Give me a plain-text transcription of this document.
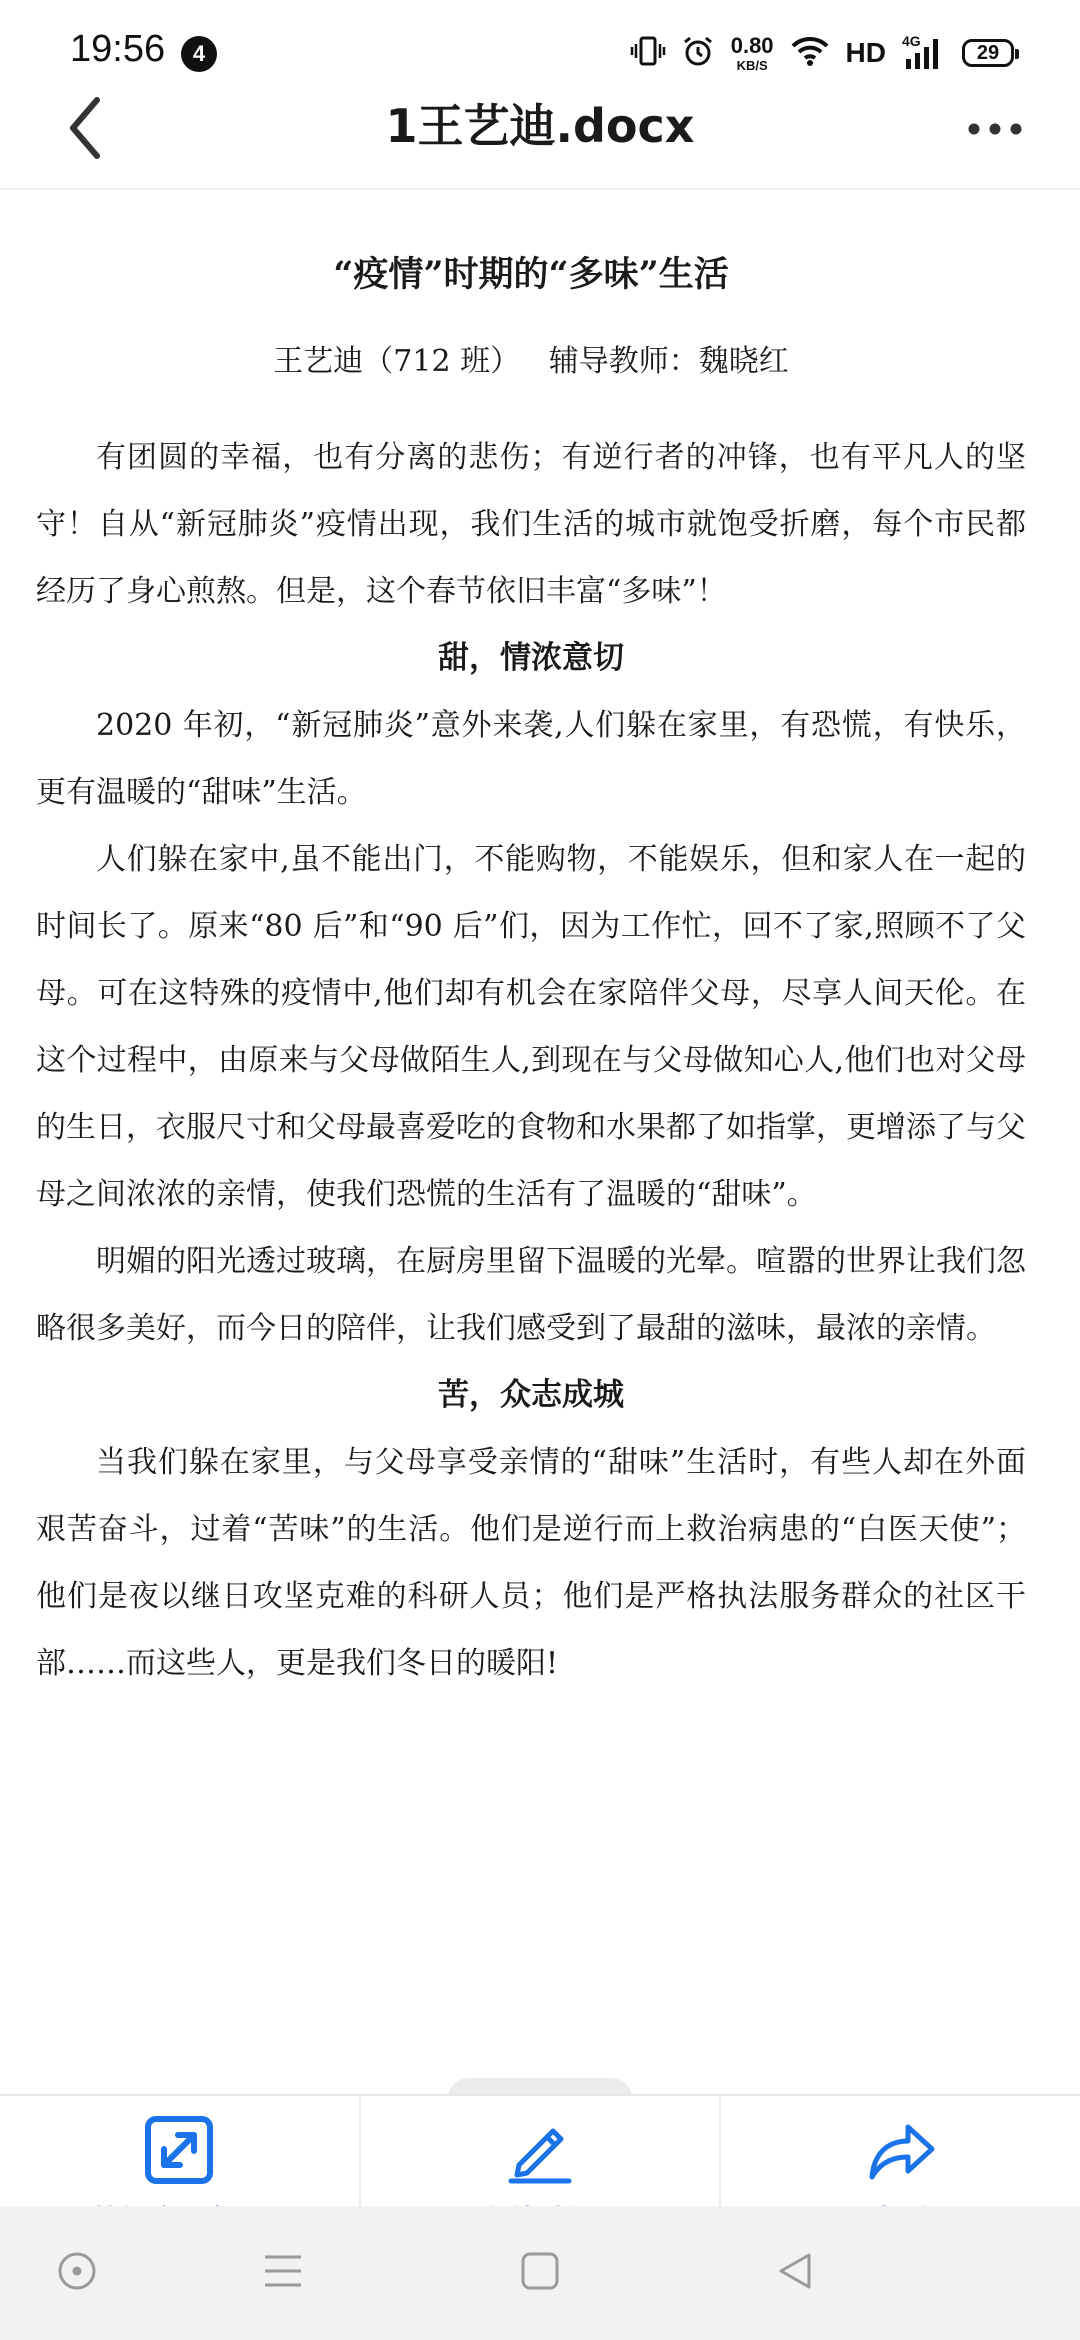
19:56	4	0.80
KB/S	HD 4G
29
1王艺迪.docx
“疫情”时期的“多味”生活
王艺迪（712 班）   辅导教师：魏晓红

有团圆的幸福，也有分离的悲伤；有逆行者的冲锋，也有平凡人的坚守！自从“新冠肺炎”疫情出现，我们生活的城市就饱受折磨，每个市民都经历了身心煎熬。但是，这个春节依旧丰富“多味”！

甜，情浓意切

2020 年初，“新冠肺炎”意外来袭,人们躲在家里，有恐慌，有快乐，更有温暖的“甜味”生活。

人们躲在家中,虽不能出门，不能购物，不能娱乐，但和家人在一起的时间长了。原来“80 后”和“90 后”们，因为工作忙，回不了家,照顾不了父母。可在这特殊的疫情中,他们却有机会在家陪伴父母，尽享人间天伦。在这个过程中，由原来与父母做陌生人,到现在与父母做知心人,他们也对父母的生日，衣服尺寸和父母最喜爱吃的食物和水果都了如指掌，更增添了与父母之间浓浓的亲情，使我们恐慌的生活有了温暖的“甜味”。

明媚的阳光透过玻璃，在厨房里留下温暖的光晕。喧嚣的世界让我们忽略很多美好，而今日的陪伴，让我们感受到了最甜的滋味，最浓的亲情。

苦，众志成城

当我们躲在家里，与父母享受亲情的“甜味”生活时，有些人却在外面艰苦奋斗，过着“苦味”的生活。他们是逆行而上救治病患的“白医天使”；他们是夜以继日攻坚克难的科研人员；他们是严格执法服务群众的社区干部……而这些人，更是我们冬日的暖阳!
